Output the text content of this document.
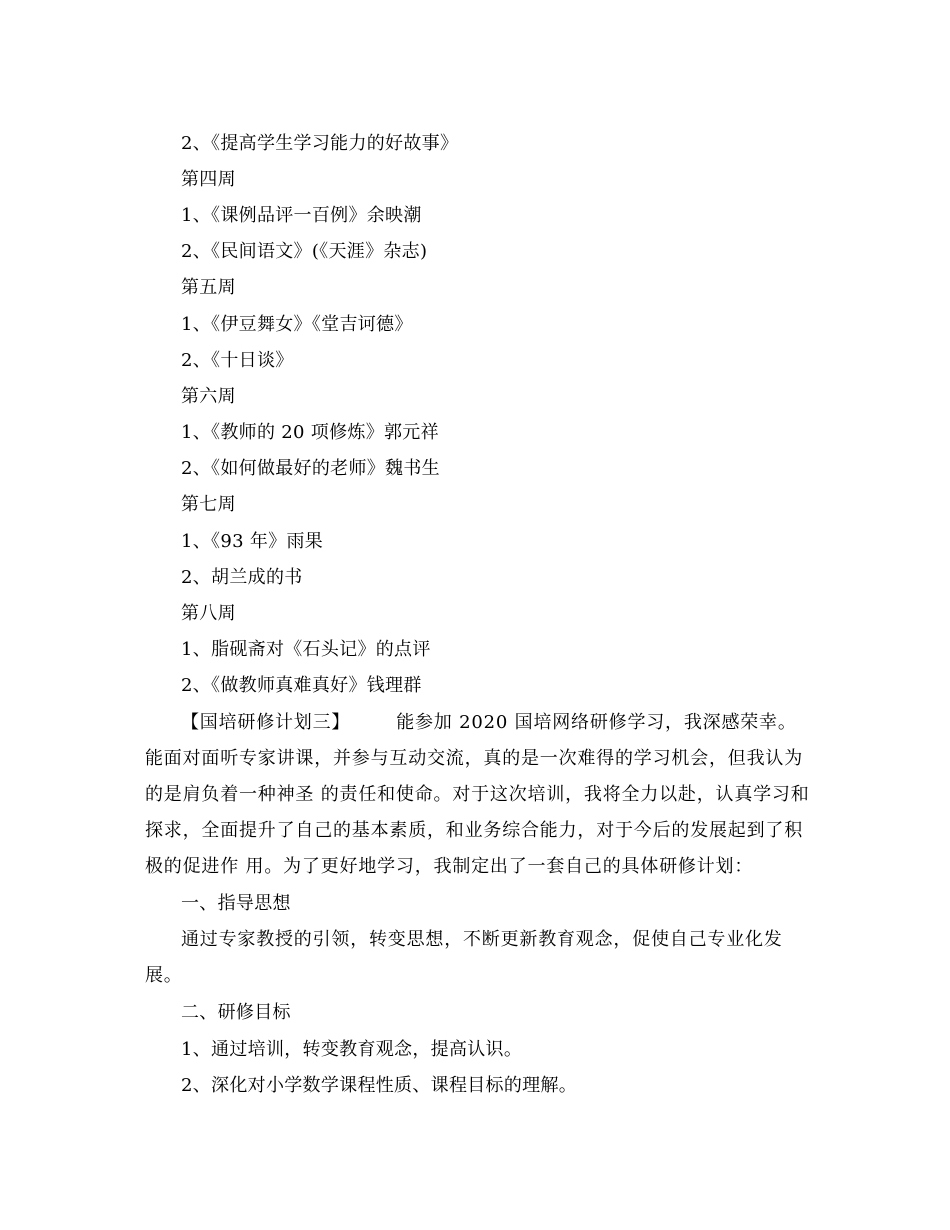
2、《提高学生学习能力的好故事》
第四周
1、《课例品评一百例》余映潮
2、《民间语文》(《天涯》杂志)
第五周
1、《伊豆舞女》《堂吉诃德》
2、《十日谈》
第六周
1、《教师的 20 项修炼》郭元祥
2、《如何做最好的老师》魏书生
第七周
1、《93 年》雨果
2、胡兰成的书
第八周
1、脂砚斋对《石头记》的点评
2、《做教师真难真好》钱理群
【国培研修计划三】	能参加 2020 国培网络研修学习，我深感荣幸。能面对面听专家讲课，并参与互动交流，真的是一次难得的学习机会，但我认为的是肩负着一种神圣 的责任和使命。对于这次培训，我将全力以赴，认真学习和探求，全面提升了自己的基本素质，和业务综合能力，对于今后的发展起到了积极的促进作 用。为了更好地学习，我制定出了一套自己的具体研修计划：
一、指导思想
通过专家教授的引领，转变思想，不断更新教育观念，促使自己专业化发展。
二、研修目标
1、通过培训，转变教育观念，提高认识。
2、深化对小学数学课程性质、课程目标的理解。
